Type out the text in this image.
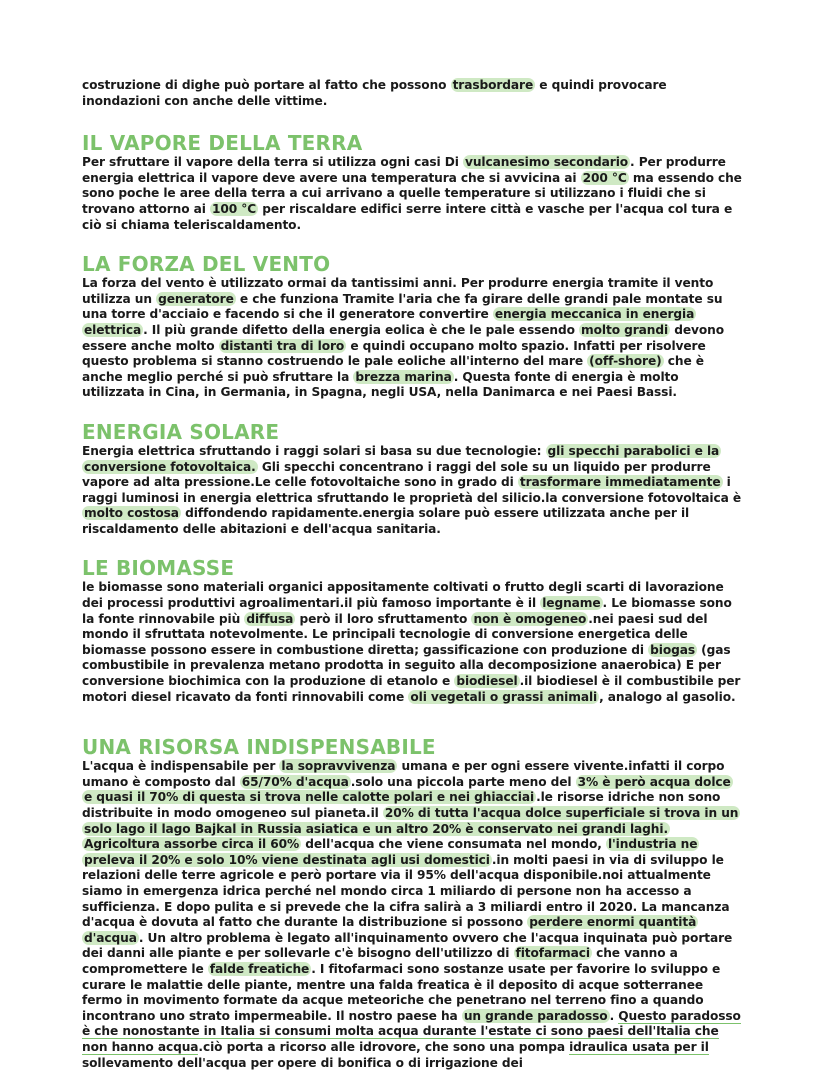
costruzione di dighe può portare al fatto che possono trasbordare e quindi provocare inondazioni con anche delle vittime.

IL VAPORE DELLA TERRA

Per sfruttare il vapore della terra si utilizza ogni casi Di vulcanesimo secondario . Per produrre energia elettrica il vapore deve avere una temperatura che si avvicina ai 200 °C ma essendo che sono poche le aree della terra a cui arrivano a quelle temperature si utilizzano i fluidi che si trovano attorno ai 100 °C per riscaldare edifici serre intere città e vasche per l'acqua col tura e ciò si chiama teleriscaldamento.

LA FORZA DEL VENTO

La forza del vento è utilizzato ormai da tantissimi anni. Per produrre energia tramite il vento utilizza un generatore e che funziona Tramite l'aria che fa girare delle grandi pale montate su una torre d'acciaio e facendo si che il generatore convertire energia meccanica in energia elettrica . Il più grande difetto della energia eolica è che le pale essendo molto grandi devono essere anche molto distanti tra di loro e quindi occupano molto spazio. Infatti per risolvere questo problema si stanno costruendo le pale eoliche all'interno del mare (off-shore) che è anche meglio perché si può sfruttare la brezza marina . Questa fonte di energia è molto utilizzata in Cina, in Germania, in Spagna, negli USA, nella Danimarca e nei Paesi Bassi.

ENERGIA SOLARE

Energia elettrica sfruttando i raggi solari si basa su due tecnologie: gli specchi parabolici e la conversione fotovoltaica. Gli specchi concentrano i raggi del sole su un liquido per produrre vapore ad alta pressione.Le celle fotovoltaiche sono in grado di trasformare immediatamente i raggi luminosi in energia elettrica sfruttando le proprietà del silicio.la conversione fotovoltaica è molto costosa diffondendo rapidamente.energia solare può essere utilizzata anche per il riscaldamento delle abitazioni e dell'acqua sanitaria.

LE BIOMASSE

le biomasse sono materiali organici appositamente coltivati o frutto degli scarti di lavorazione dei processi produttivi agroalimentari.il più famoso importante è il legname . Le biomasse sono la fonte rinnovabile più diffusa però il loro sfruttamento non è omogeneo .nei paesi sud del mondo il sfruttata notevolmente. Le principali tecnologie di conversione energetica delle biomasse possono essere in combustione diretta; gassificazione con produzione di biogas (gas combustibile in prevalenza metano prodotta in seguito alla decomposizione anaerobica) E per conversione biochimica con la produzione di etanolo e biodiesel .il biodiesel è il combustibile per motori diesel ricavato da fonti rinnovabili come oli vegetali o grassi animali , analogo al gasolio.

UNA RISORSA INDISPENSABILE

L'acqua è indispensabile per la sopravvivenza umana e per ogni essere vivente.infatti il corpo umano è composto dal 65/70% d'acqua .solo una piccola parte meno del 3% è però acqua dolce e quasi il 70% di questa si trova nelle calotte polari e nei ghiacciai .le risorse idriche non sono distribuite in modo omogeneo sul pianeta.il 20% di tutta l'acqua dolce superficiale si trova in un solo lago il lago Bajkal in Russia asiatica e un altro 20% è conservato nei grandi laghi. Agricoltura assorbe circa il 60% dell'acqua che viene consumata nel mondo, l'industria ne preleva il 20% e solo 10% viene destinata agli usi domestici .in molti paesi in via di sviluppo le relazioni delle terre agricole e però portare via il 95% dell'acqua disponibile.noi attualmente siamo in emergenza idrica perché nel mondo circa 1 miliardo di persone non ha accesso a sufficienza. E dopo pulita e si prevede che la cifra salirà a 3 miliardi entro il 2020. La mancanza d'acqua è dovuta al fatto che durante la distribuzione si possono perdere enormi quantità d'acqua . Un altro problema è legato all'inquinamento ovvero che l'acqua inquinata può portare dei danni alle piante e per sollevarle c'è bisogno dell'utilizzo di fitofarmaci che vanno a compromettere le falde freatiche . I fitofarmaci sono sostanze usate per favorire lo sviluppo e curare le malattie delle piante, mentre una falda freatica è il deposito di acque sotterranee fermo in movimento formate da acque meteoriche che penetrano nel terreno fino a quando incontrano uno strato impermeabile. Il nostro paese ha un grande paradosso . Questo paradosso è che nonostante in Italia si consumi molta acqua durante l'estate ci sono paesi dell'Italia che non hanno acqua.ciò porta a ricorso alle idrovore, che sono una pompa idraulica usata per il sollevamento dell'acqua per opere di bonifica o di irrigazione dei
